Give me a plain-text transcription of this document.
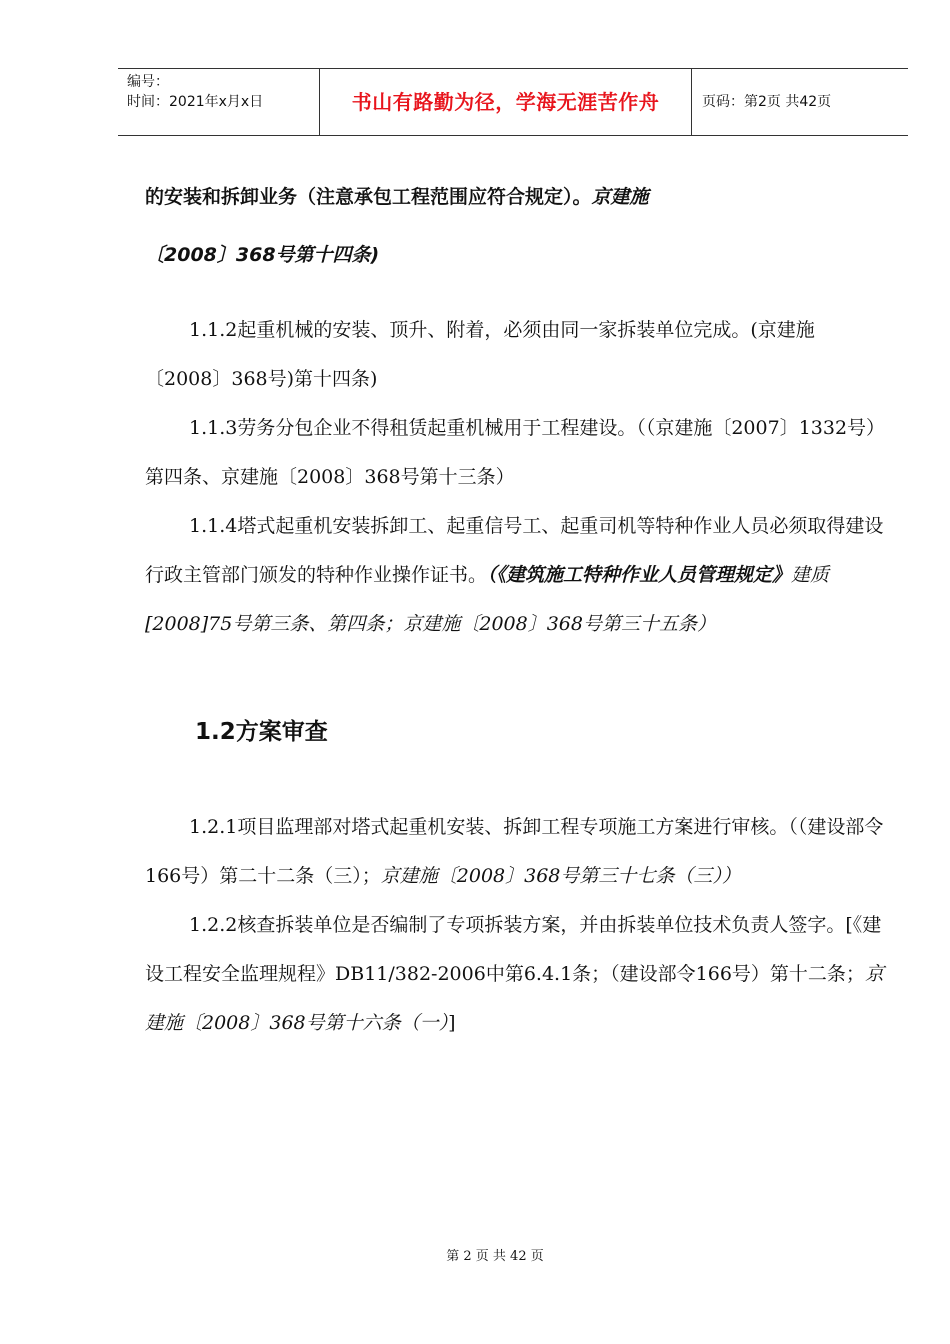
编号：
时间：2021年x月x日	书山有路勤为径，学海无涯苦作舟	页码：第2页 共42页

的安装和拆卸业务（注意承包工程范围应符合规定）。京建施
〔2008〕368号第十四条)

1.1.2起重机械的安装、顶升、附着，必须由同一家拆装单位完成。(京建施〔2008〕368号)第十四条)

1.1.3劳务分包企业不得租赁起重机械用于工程建设。（（京建施〔2007〕1332号）第四条、京建施〔2008〕368号第十三条）

1.1.4塔式起重机安装拆卸工、起重信号工、起重司机等特种作业人员必须取得建设行政主管部门颁发的特种作业操作证书。（《建筑施工特种作业人员管理规定》建质[2008]75号第三条、第四条；京建施〔2008〕368号第三十五条）

1.2方案审查

1.2.1项目监理部对塔式起重机安装、拆卸工程专项施工方案进行审核。（（建设部令166号）第二十二条（三）；京建施〔2008〕368号第三十七条（三））

1.2.2核查拆装单位是否编制了专项拆装方案，并由拆装单位技术负责人签字。[《建设工程安全监理规程》DB11/382-2006中第6.4.1条；（建设部令166号）第十二条；京建施〔2008〕368号第十六条（一）]

第 2 页 共 42 页
